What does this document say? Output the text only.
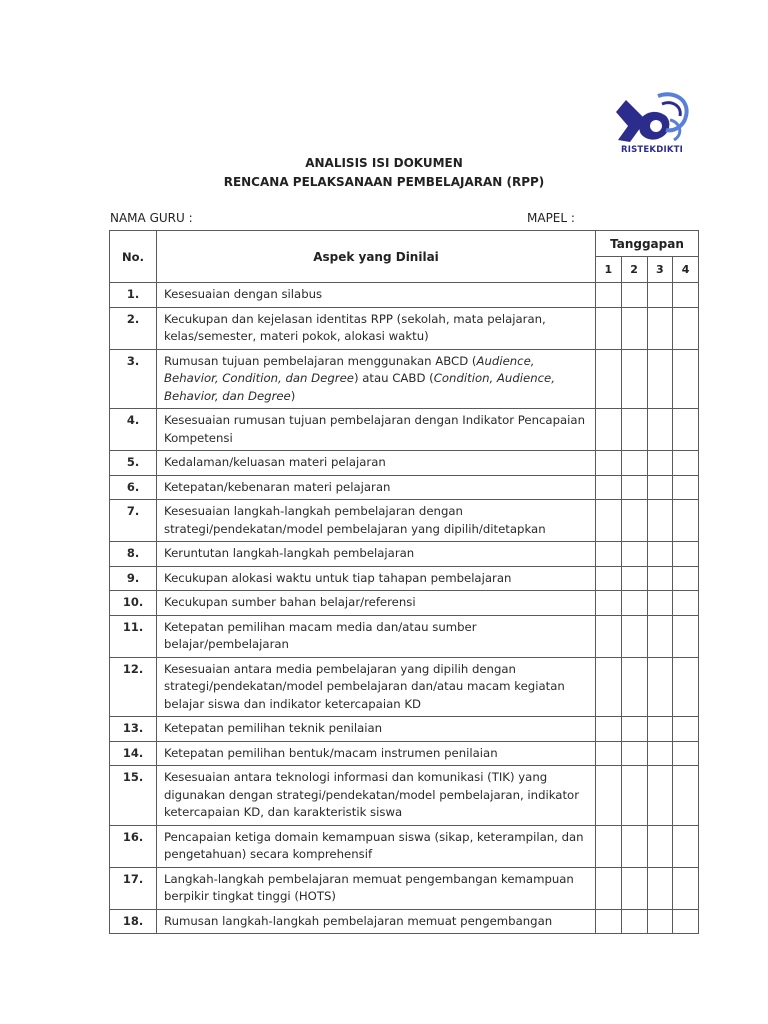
RISTEKDIKTI
ANALISIS ISI DOKUMEN
RENCANA PELAKSANAAN PEMBELAJARAN (RPP)
NAMA GURU :	MAPEL :
No.	Aspek yang Dinilai	Tanggapan			
		1	2	3	4
1.	Kesesuaian dengan silabus				
2.	Kecukupan dan kejelasan identitas RPP (sekolah, mata pelajaran, kelas/semester, materi pokok, alokasi waktu)				
3.	Rumusan tujuan pembelajaran menggunakan ABCD (Audience, Behavior, Condition, dan Degree) atau CABD (Condition, Audience, Behavior, dan Degree)				
4.	Kesesuaian rumusan tujuan pembelajaran dengan Indikator Pencapaian Kompetensi				
5.	Kedalaman/keluasan materi pelajaran				
6.	Ketepatan/kebenaran materi pelajaran				
7.	Kesesuaian langkah-langkah pembelajaran dengan strategi/pendekatan/model pembelajaran yang dipilih/ditetapkan				
8.	Keruntutan langkah-langkah pembelajaran				
9.	Kecukupan alokasi waktu untuk tiap tahapan pembelajaran				
10.	Kecukupan sumber bahan belajar/referensi				
11.	Ketepatan pemilihan macam media dan/atau sumber belajar/pembelajaran				
12.	Kesesuaian antara media pembelajaran yang dipilih dengan strategi/pendekatan/model pembelajaran dan/atau macam kegiatan belajar siswa dan indikator ketercapaian KD				
13.	Ketepatan pemilihan teknik penilaian				
14.	Ketepatan pemilihan bentuk/macam instrumen penilaian				
15.	Kesesuaian antara teknologi informasi dan komunikasi (TIK) yang digunakan dengan strategi/pendekatan/model pembelajaran, indikator ketercapaian KD, dan karakteristik siswa				
16.	Pencapaian ketiga domain kemampuan siswa (sikap, keterampilan, dan pengetahuan) secara komprehensif				
17.	Langkah-langkah pembelajaran memuat pengembangan kemampuan berpikir tingkat tinggi (HOTS)				
18.	Rumusan langkah-langkah pembelajaran memuat pengembangan				
